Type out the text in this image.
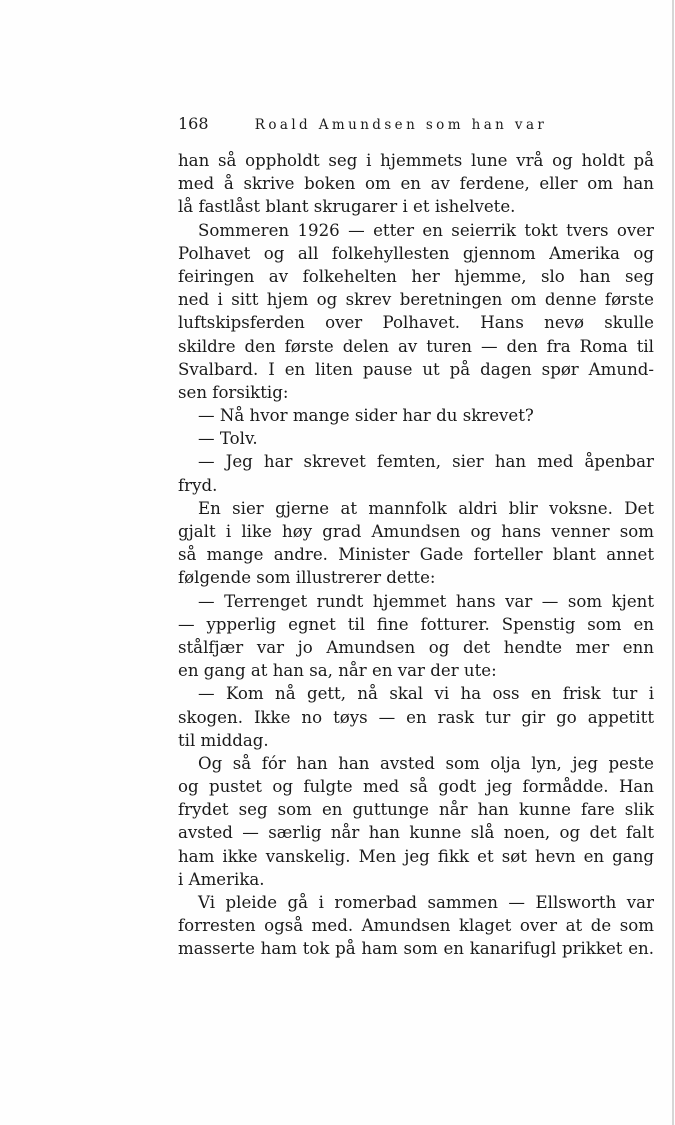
168	Roald Amundsen som han var
han så oppholdt seg i hjemmets lune vrå og holdt på
med å skrive boken om en av ferdene, eller om han
lå fastlåst blant skrugarer i et ishelvete.
Sommeren 1926 — etter en seierrik tokt tvers over
Polhavet og all folkehyllesten gjennom Amerika og
feiringen av folkehelten her hjemme, slo han seg
ned i sitt hjem og skrev beretningen om denne første
luftskipsferden over Polhavet. Hans nevø skulle
skildre den første delen av turen — den fra Roma til
Svalbard. I en liten pause ut på dagen spør Amund-
sen forsiktig:
— Nå hvor mange sider har du skrevet?
— Tolv.
— Jeg har skrevet femten, sier han med åpenbar
fryd.
En sier gjerne at mannfolk aldri blir voksne. Det
gjalt i like høy grad Amundsen og hans venner som
så mange andre. Minister Gade forteller blant annet
følgende som illustrerer dette:
— Terrenget rundt hjemmet hans var — som kjent
— ypperlig egnet til fine fotturer. Spenstig som en
stålfjær var jo Amundsen og det hendte mer enn
en gang at han sa, når en var der ute:
— Kom nå gett, nå skal vi ha oss en frisk tur i
skogen. Ikke no tøys — en rask tur gir go appetitt
til middag.
Og så fór han han avsted som olja lyn, jeg peste
og pustet og fulgte med så godt jeg formådde. Han
frydet seg som en guttunge når han kunne fare slik
avsted — særlig når han kunne slå noen, og det falt
ham ikke vanskelig. Men jeg fikk et søt hevn en gang
i Amerika.
Vi pleide gå i romerbad sammen — Ellsworth var
forresten også med. Amundsen klaget over at de som
masserte ham tok på ham som en kanarifugl prikket en.
